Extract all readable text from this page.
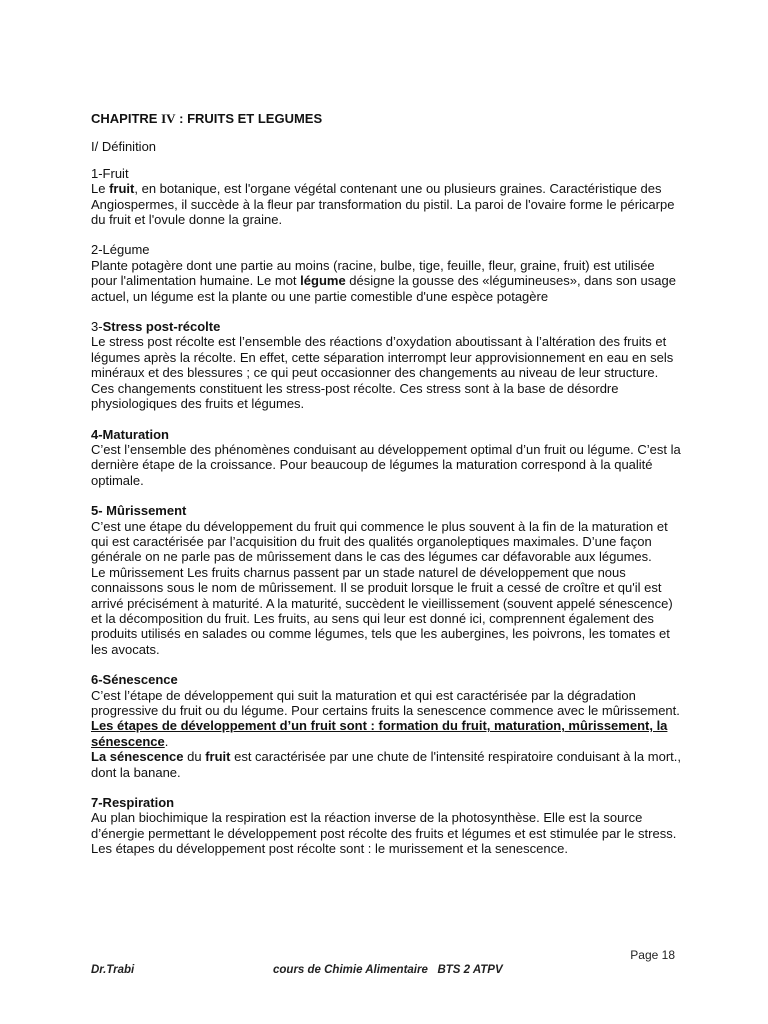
CHAPITRE IV : FRUITS ET LEGUMES

I/ Définition

1-Fruit

Le fruit, en botanique, est l'organe végétal contenant une ou plusieurs graines. Caractéristique des Angiospermes, il succède à la fleur par transformation du pistil. La paroi de l'ovaire forme le péricarpe du fruit et l'ovule donne la graine.

2-Légume

Plante potagère dont une partie au moins (racine, bulbe, tige, feuille, fleur, graine, fruit) est utilisée pour l'alimentation humaine. Le mot légume désigne la gousse des «légumineuses», dans son usage actuel, un légume est la plante ou une partie comestible d'une espèce potagère

3-Stress post-récolte

Le stress post récolte est l’ensemble des réactions d’oxydation aboutissant à l’altération des fruits et légumes après la récolte. En effet, cette séparation interrompt leur approvisionnement en eau en sels minéraux et des blessures ; ce qui peut occasionner des changements au niveau de leur structure. Ces changements constituent les stress-post récolte. Ces stress sont à la base de désordre physiologiques des fruits et légumes.

4-Maturation

C’est l’ensemble des phénomènes conduisant au développement optimal d’un fruit ou légume. C’est la dernière étape de la croissance. Pour beaucoup de légumes la maturation correspond à la qualité optimale.

5- Mûrissement

C’est une étape du développement du fruit qui commence le plus souvent à la fin de la maturation et qui est caractérisée par l’acquisition du fruit des qualités organoleptiques maximales. D’une façon générale on ne parle pas de mûrissement dans le cas des légumes car défavorable aux légumes.

Le mûrissement Les fruits charnus passent par un stade naturel de développement que nous connaissons sous le nom de mûrissement. Il se produit lorsque le fruit a cessé de croître et qu'il est arrivé précisément à maturité. A la maturité, succèdent le vieillissement (souvent appelé sénescence) et la décomposition du fruit. Les fruits, au sens qui leur est donné ici, comprennent également des produits utilisés en salades ou comme légumes, tels que les aubergines, les poivrons, les tomates et les avocats.

6-Sénescence

C’est l’étape de développement qui suit la maturation et qui est caractérisée par la dégradation progressive du fruit ou du légume. Pour certains fruits la senescence commence avec le mûrissement.

Les étapes de développement d’un fruit sont : formation du fruit, maturation, mûrissement, la sénescence.

La sénescence du fruit est caractérisée par une chute de l'intensité respiratoire conduisant à la mort., dont la banane.

7-Respiration

Au plan biochimique la respiration est la réaction inverse de la photosynthèse. Elle est la source d’énergie permettant le développement post récolte des fruits et légumes et est stimulée par le stress. Les étapes du développement post récolte sont : le murissement et la senescence.

Page 18
Dr.Trabi	cours de Chimie Alimentaire   BTS 2 ATPV
